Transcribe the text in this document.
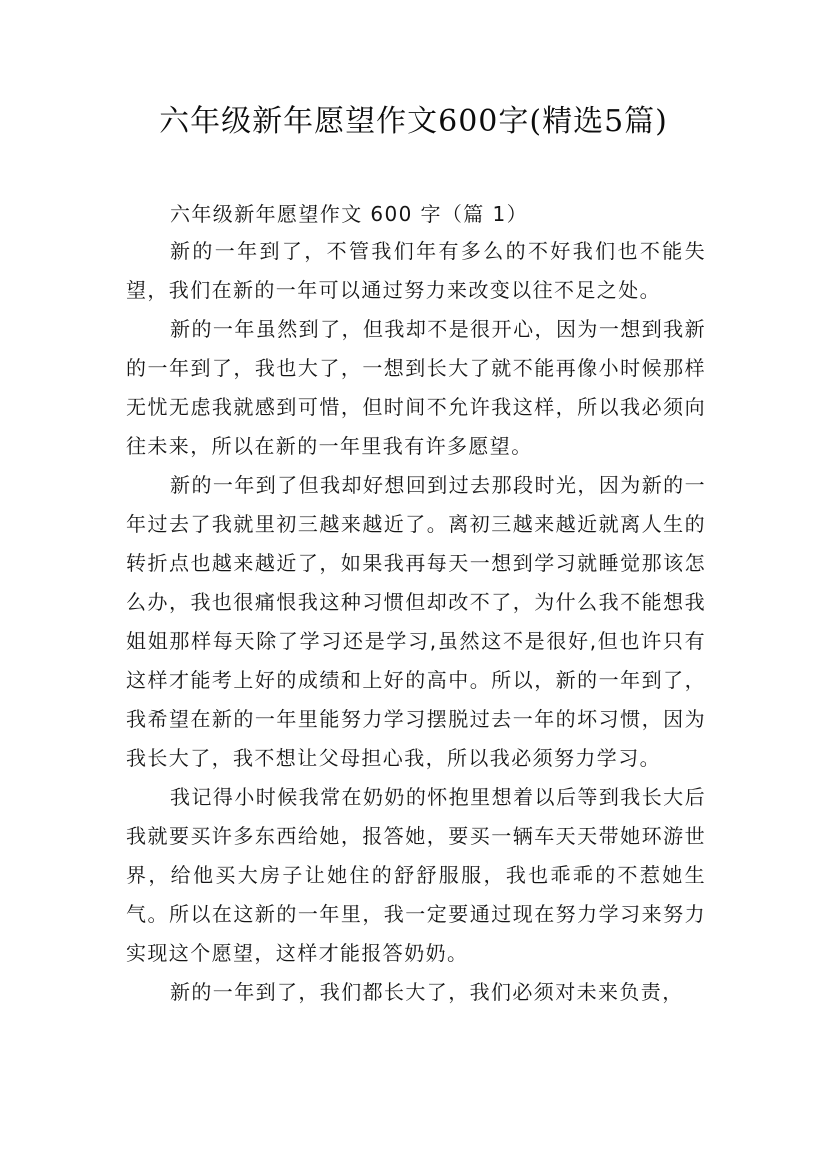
六年级新年愿望作文600字(精选5篇)

六年级新年愿望作文 600 字（篇 1）

新的一年到了，不管我们年有多么的不好我们也不能失望，我们在新的一年可以通过努力来改变以往不足之处。

新的一年虽然到了，但我却不是很开心，因为一想到我新的一年到了，我也大了，一想到长大了就不能再像小时候那样无忧无虑我就感到可惜，但时间不允许我这样，所以我必须向往未来，所以在新的一年里我有许多愿望。

新的一年到了但我却好想回到过去那段时光，因为新的一年过去了我就里初三越来越近了。离初三越来越近就离人生的转折点也越来越近了，如果我再每天一想到学习就睡觉那该怎么办，我也很痛恨我这种习惯但却改不了，为什么我不能想我姐姐那样每天除了学习还是学习,虽然这不是很好,但也许只有这样才能考上好的成绩和上好的高中。所以，新的一年到了，我希望在新的一年里能努力学习摆脱过去一年的坏习惯，因为我长大了，我不想让父母担心我，所以我必须努力学习。

我记得小时候我常在奶奶的怀抱里想着以后等到我长大后我就要买许多东西给她，报答她，要买一辆车天天带她环游世界，给他买大房子让她住的舒舒服服，我也乖乖的不惹她生气。所以在这新的一年里，我一定要通过现在努力学习来努力实现这个愿望，这样才能报答奶奶。

新的一年到了，我们都长大了，我们必须对未来负责，
